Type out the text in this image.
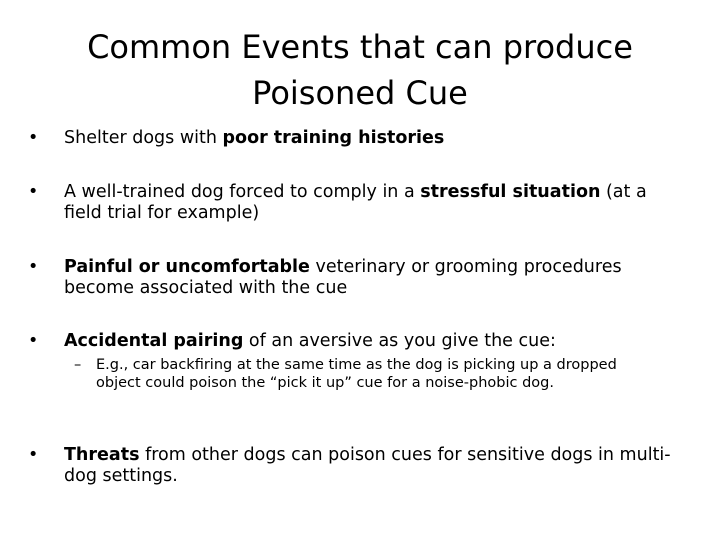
Common Events that can produce
Poisoned Cue
•	Shelter dogs with poor training histories
•	A well-trained dog forced to comply in a stressful situation (at a field trial for example)
•	Painful or uncomfortable veterinary or grooming procedures become associated with the cue
•	Accidental pairing of an aversive as you give the cue:
–	E.g., car backfiring at the same time as the dog is picking up a dropped object could poison the “pick it up” cue for a noise-phobic dog.
•	Threats from other dogs can poison cues for sensitive dogs in multi-dog settings.
